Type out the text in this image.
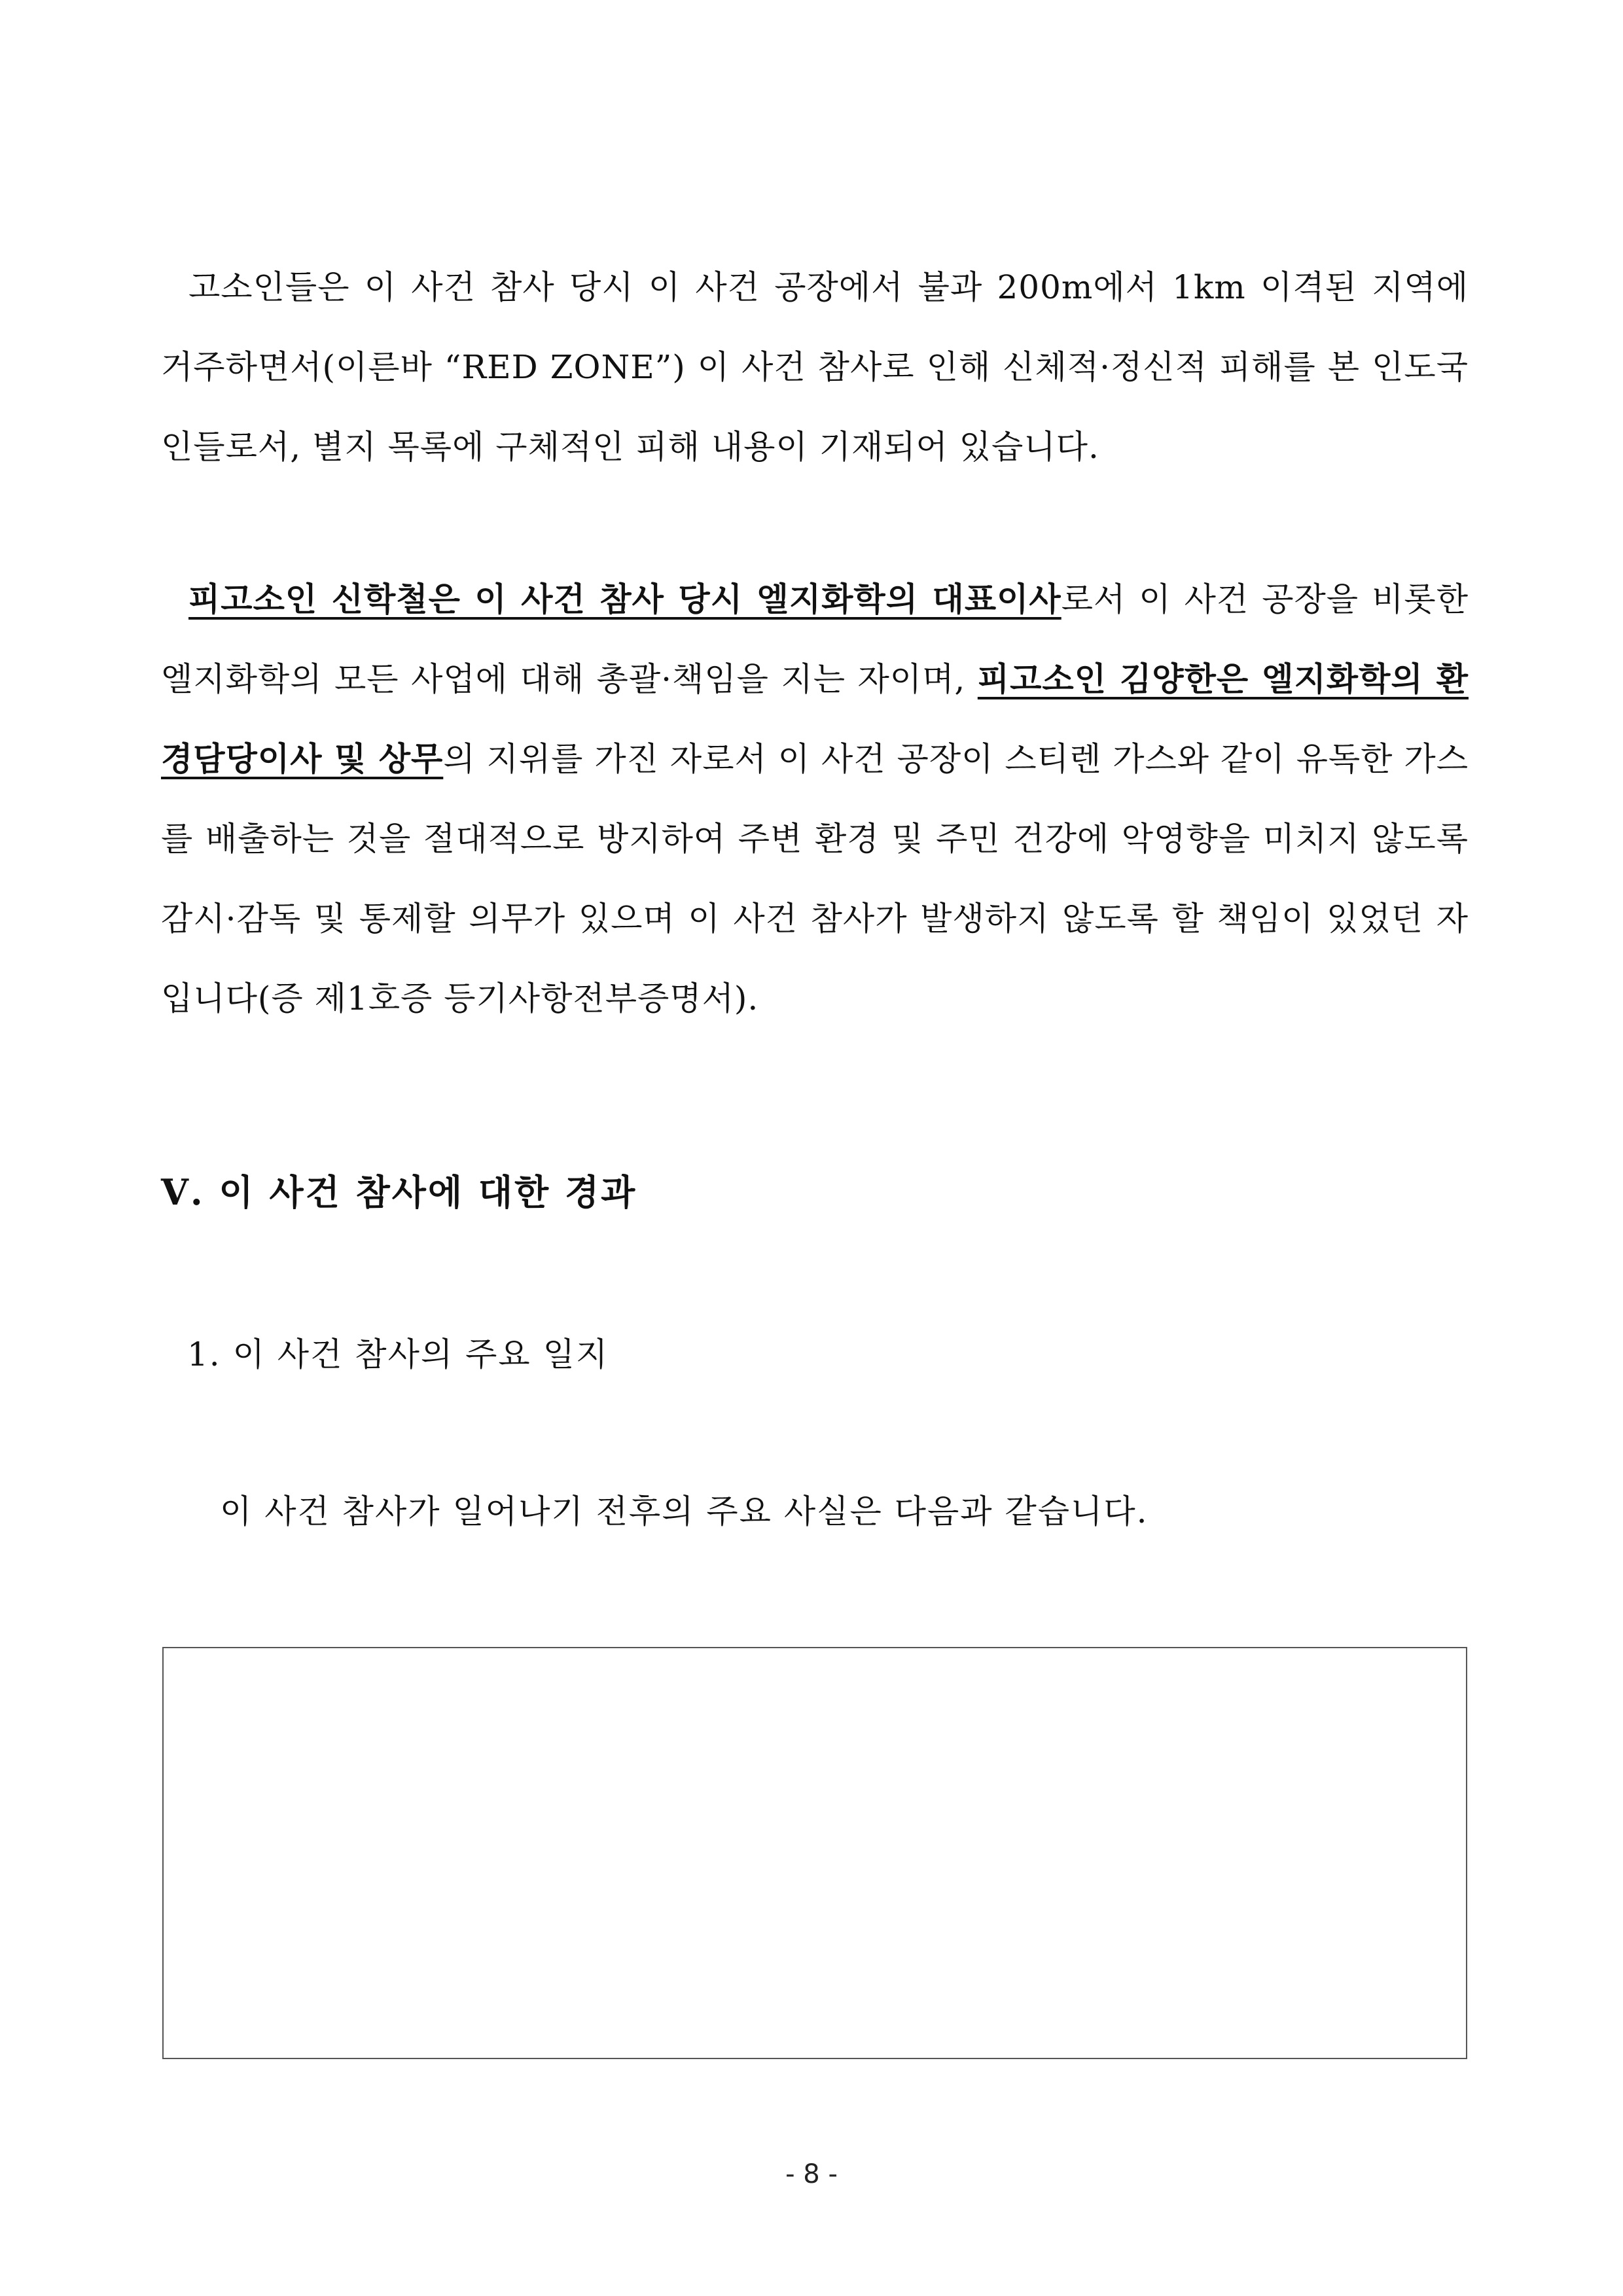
고소인들은 이 사건 참사 당시 이 사건 공장에서 불과 200m에서 1km 이격된 지역에 거주하면서(이른바 “RED ZONE”) 이 사건 참사로 인해 신체적·정신적 피해를 본 인도국인들로서, 별지 목록에 구체적인 피해 내용이 기재되어 있습니다.

피고소인 신학철은 이 사건 참사 당시 엘지화학의 대표이사로서 이 사건 공장을 비롯한 엘지화학의 모든 사업에 대해 총괄·책임을 지는 자이며, 피고소인 김양한은 엘지화학의 환경담당이사 및 상무의 지위를 가진 자로서 이 사건 공장이 스티렌 가스와 같이 유독한 가스를 배출하는 것을 절대적으로 방지하여 주변 환경 및 주민 건강에 악영향을 미치지 않도록 감시·감독 및 통제할 의무가 있으며 이 사건 참사가 발생하지 않도록 할 책임이 있었던 자입니다(증 제1호증 등기사항전부증명서).

Ⅴ. 이 사건 참사에 대한 경과
1. 이 사건 참사의 주요 일지
이 사건 참사가 일어나기 전후의 주요 사실은 다음과 같습니다.
- 8 -
